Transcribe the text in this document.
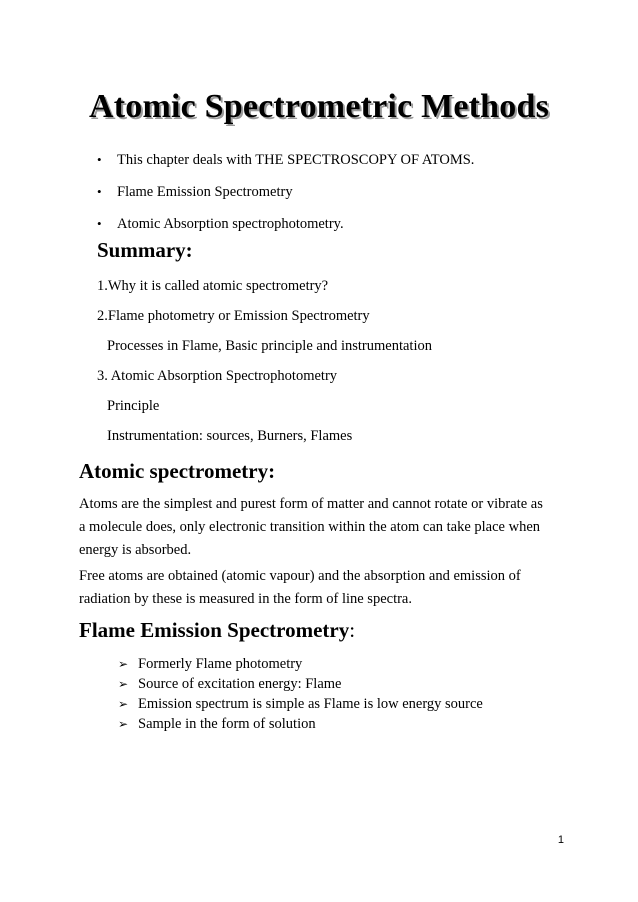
Atomic Spectrometric Methods
• This chapter deals with THE SPECTROSCOPY OF ATOMS.
• Flame Emission Spectrometry
• Atomic Absorption spectrophotometry.
Summary:
1.Why it is called atomic spectrometry?
2.Flame photometry or Emission Spectrometry
Processes in Flame, Basic principle and instrumentation
3. Atomic Absorption Spectrophotometry
Principle
Instrumentation: sources, Burners, Flames
Atomic spectrometry:
Atoms are the simplest and purest form of matter and cannot rotate or vibrate as
a molecule does, only electronic transition within the atom can take place when
energy is absorbed.
Free atoms are obtained (atomic vapour) and the absorption and emission of
radiation by these is measured in the form of line spectra.
Flame Emission Spectrometry:
➢ Formerly Flame photometry
➢ Source of excitation energy: Flame
➢ Emission spectrum is simple as Flame is low energy source
➢ Sample in the form of solution
1
